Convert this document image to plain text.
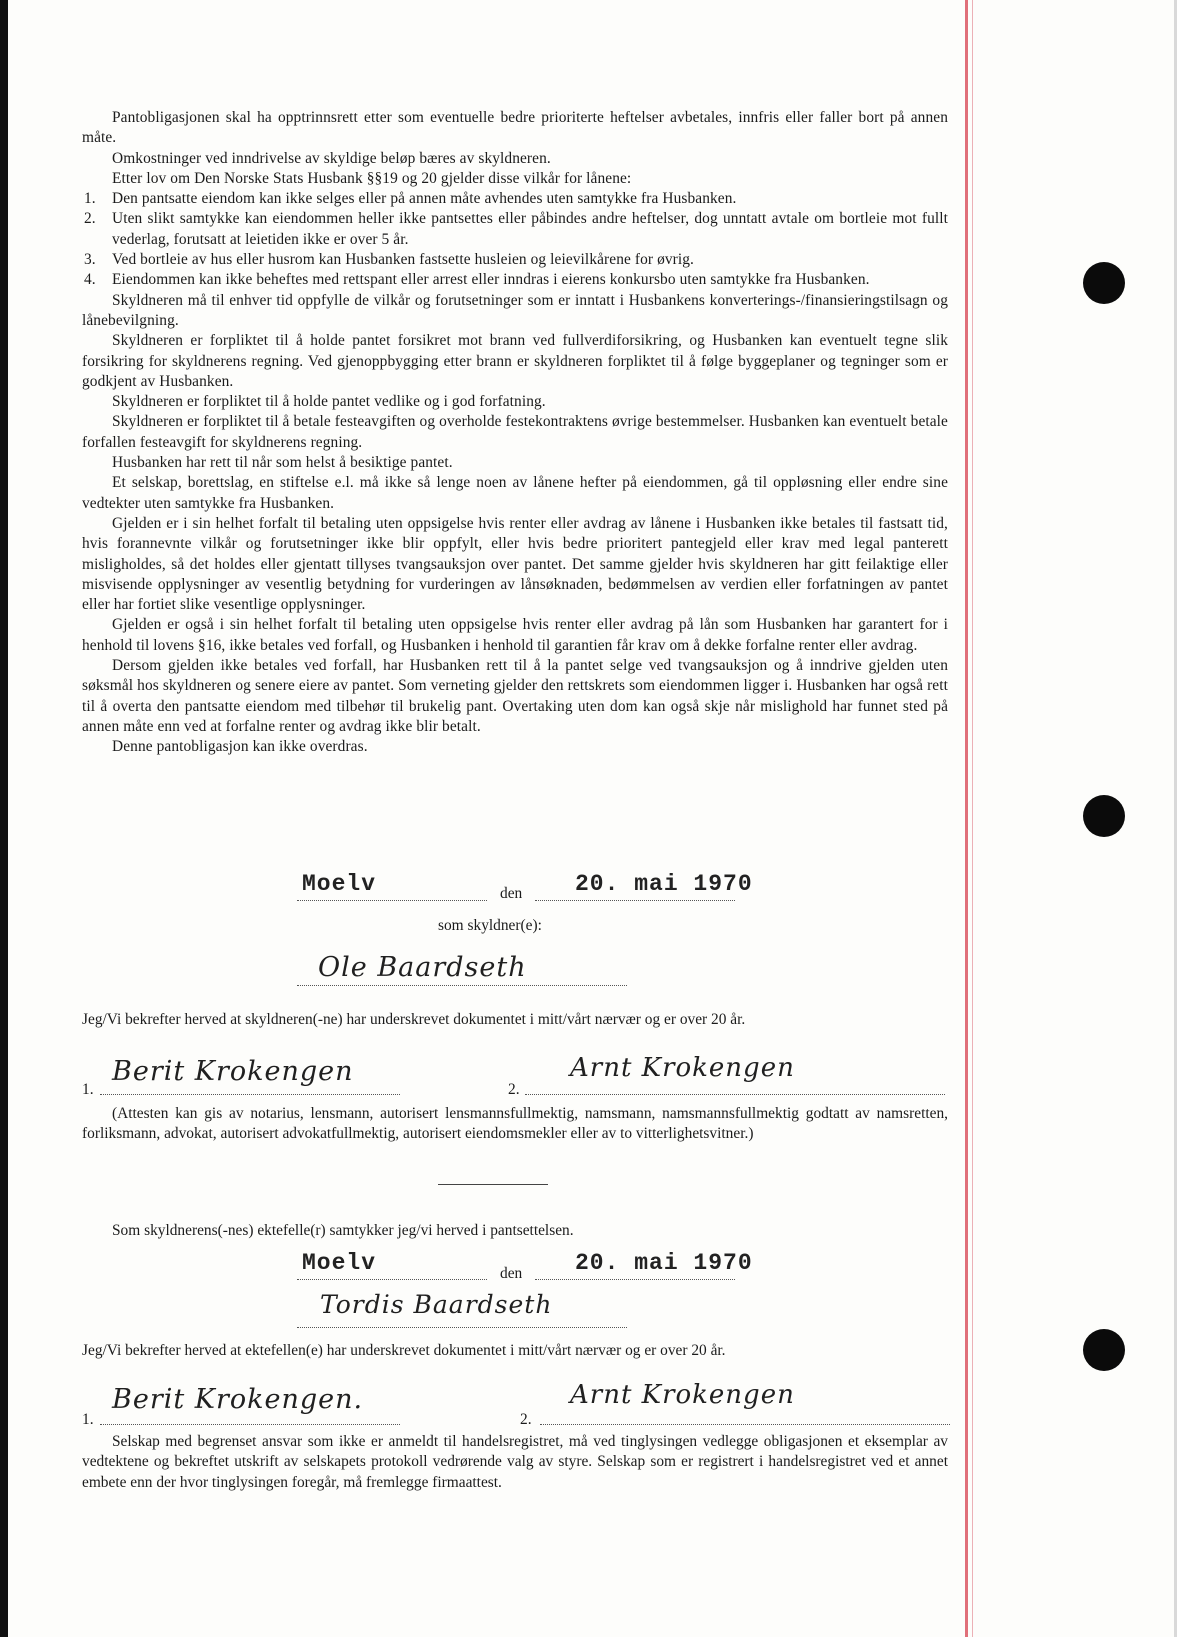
Pantobligasjonen skal ha opptrinnsrett etter som eventuelle bedre prioriterte heftelser avbetales, innfris eller faller bort på annen måte.

Omkostninger ved inndrivelse av skyldige beløp bæres av skyldneren.

Etter lov om Den Norske Stats Husbank §§19 og 20 gjelder disse vilkår for lånene:

1. Den pantsatte eiendom kan ikke selges eller på annen måte avhendes uten samtykke fra Husbanken.
2. Uten slikt samtykke kan eiendommen heller ikke pantsettes eller påbindes andre heftelser, dog unntatt avtale om bortleie mot fullt vederlag, forutsatt at leietiden ikke er over 5 år.
3. Ved bortleie av hus eller husrom kan Husbanken fastsette husleien og leievilkårene for øvrig.
4. Eiendommen kan ikke beheftes med rettspant eller arrest eller inndras i eierens konkursbo uten samtykke fra Husbanken.

Skyldneren må til enhver tid oppfylle de vilkår og forutsetninger som er inntatt i Husbankens konverterings-/finansieringstilsagn og lånebevilgning.

Skyldneren er forpliktet til å holde pantet forsikret mot brann ved fullverdiforsikring, og Husbanken kan eventuelt tegne slik forsikring for skyldnerens regning. Ved gjenoppbygging etter brann er skyldneren forpliktet til å følge byggeplaner og tegninger som er godkjent av Husbanken.

Skyldneren er forpliktet til å holde pantet vedlike og i god forfatning.

Skyldneren er forpliktet til å betale festeavgiften og overholde festekontraktens øvrige bestemmelser. Husbanken kan eventuelt betale forfallen festeavgift for skyldnerens regning.

Husbanken har rett til når som helst å besiktige pantet.

Et selskap, borettslag, en stiftelse e.l. må ikke så lenge noen av lånene hefter på eiendommen, gå til oppløsning eller endre sine vedtekter uten samtykke fra Husbanken.

Gjelden er i sin helhet forfalt til betaling uten oppsigelse hvis renter eller avdrag av lånene i Husbanken ikke betales til fastsatt tid, hvis forannevnte vilkår og forutsetninger ikke blir oppfylt, eller hvis bedre prioritert pantegjeld eller krav med legal panterett misligholdes, så det holdes eller gjentatt tillyses tvangsauksjon over pantet. Det samme gjelder hvis skyldneren har gitt feilaktige eller misvisende opplysninger av vesentlig betydning for vurderingen av lånsøknaden, bedømmelsen av verdien eller forfatningen av pantet eller har fortiet slike vesentlige opplysninger.

Gjelden er også i sin helhet forfalt til betaling uten oppsigelse hvis renter eller avdrag på lån som Husbanken har garantert for i henhold til lovens §16, ikke betales ved forfall, og Husbanken i henhold til garantien får krav om å dekke forfalne renter eller avdrag.

Dersom gjelden ikke betales ved forfall, har Husbanken rett til å la pantet selge ved tvangsauksjon og å inndrive gjelden uten søksmål hos skyldneren og senere eiere av pantet. Som verneting gjelder den rettskrets som eiendommen ligger i. Husbanken har også rett til å overta den pantsatte eiendom med tilbehør til brukelig pant. Overtaking uten dom kan også skje når mislighold har funnet sted på annen måte enn ved at forfalne renter og avdrag ikke blir betalt.

Denne pantobligasjon kan ikke overdras.

Moelv	den 20. mai 1970
som skyldner(e):
Ole Baardseth
Jeg/Vi bekrefter herved at skyldneren(-ne) har underskrevet dokumentet i mitt/vårt nærvær og er over 20 år.
1.
Berit Krokengen
2.
Arnt Krokengen
(Attesten kan gis av notarius, lensmann, autorisert lensmannsfullmektig, namsmann, namsmannsfullmektig godtatt av namsretten, forliksmann, advokat, autorisert advokatfullmektig, autorisert eiendomsmekler eller av to vitterlighetsvitner.)
Som skyldnerens(-nes) ektefelle(r) samtykker jeg/vi herved i pantsettelsen.
Moelv	den 20. mai 1970
Tordis Baardseth
Jeg/Vi bekrefter herved at ektefellen(e) har underskrevet dokumentet i mitt/vårt nærvær og er over 20 år.
1.
Berit Krokengen.
2.
Arnt Krokengen
Selskap med begrenset ansvar som ikke er anmeldt til handelsregistret, må ved tinglysingen vedlegge obligasjonen et eksemplar av vedtektene og bekreftet utskrift av selskapets protokoll vedrørende valg av styre. Selskap som er registrert i handelsregistret ved et annet embete enn der hvor tinglysingen foregår, må fremlegge firmaattest.
